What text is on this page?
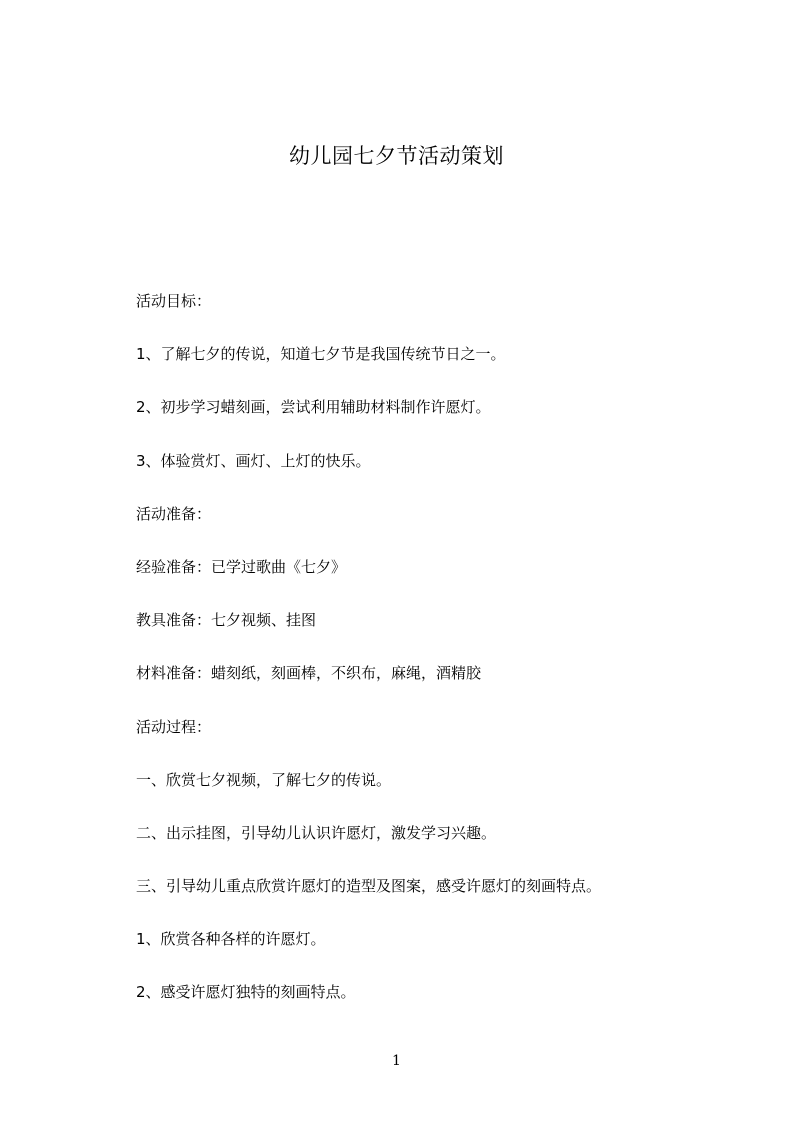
幼儿园七夕节活动策划
活动目标：
1、了解七夕的传说，知道七夕节是我国传统节日之一。
2、初步学习蜡刻画，尝试利用辅助材料制作许愿灯。
3、体验赏灯、画灯、上灯的快乐。
活动准备：
经验准备：已学过歌曲《七夕》
教具准备：七夕视频、挂图
材料准备：蜡刻纸，刻画棒，不织布，麻绳，酒精胶
活动过程：
一、欣赏七夕视频，了解七夕的传说。
二、出示挂图，引导幼儿认识许愿灯，激发学习兴趣。
三、引导幼儿重点欣赏许愿灯的造型及图案，感受许愿灯的刻画特点。
1、欣赏各种各样的许愿灯。
2、感受许愿灯独特的刻画特点。
1
